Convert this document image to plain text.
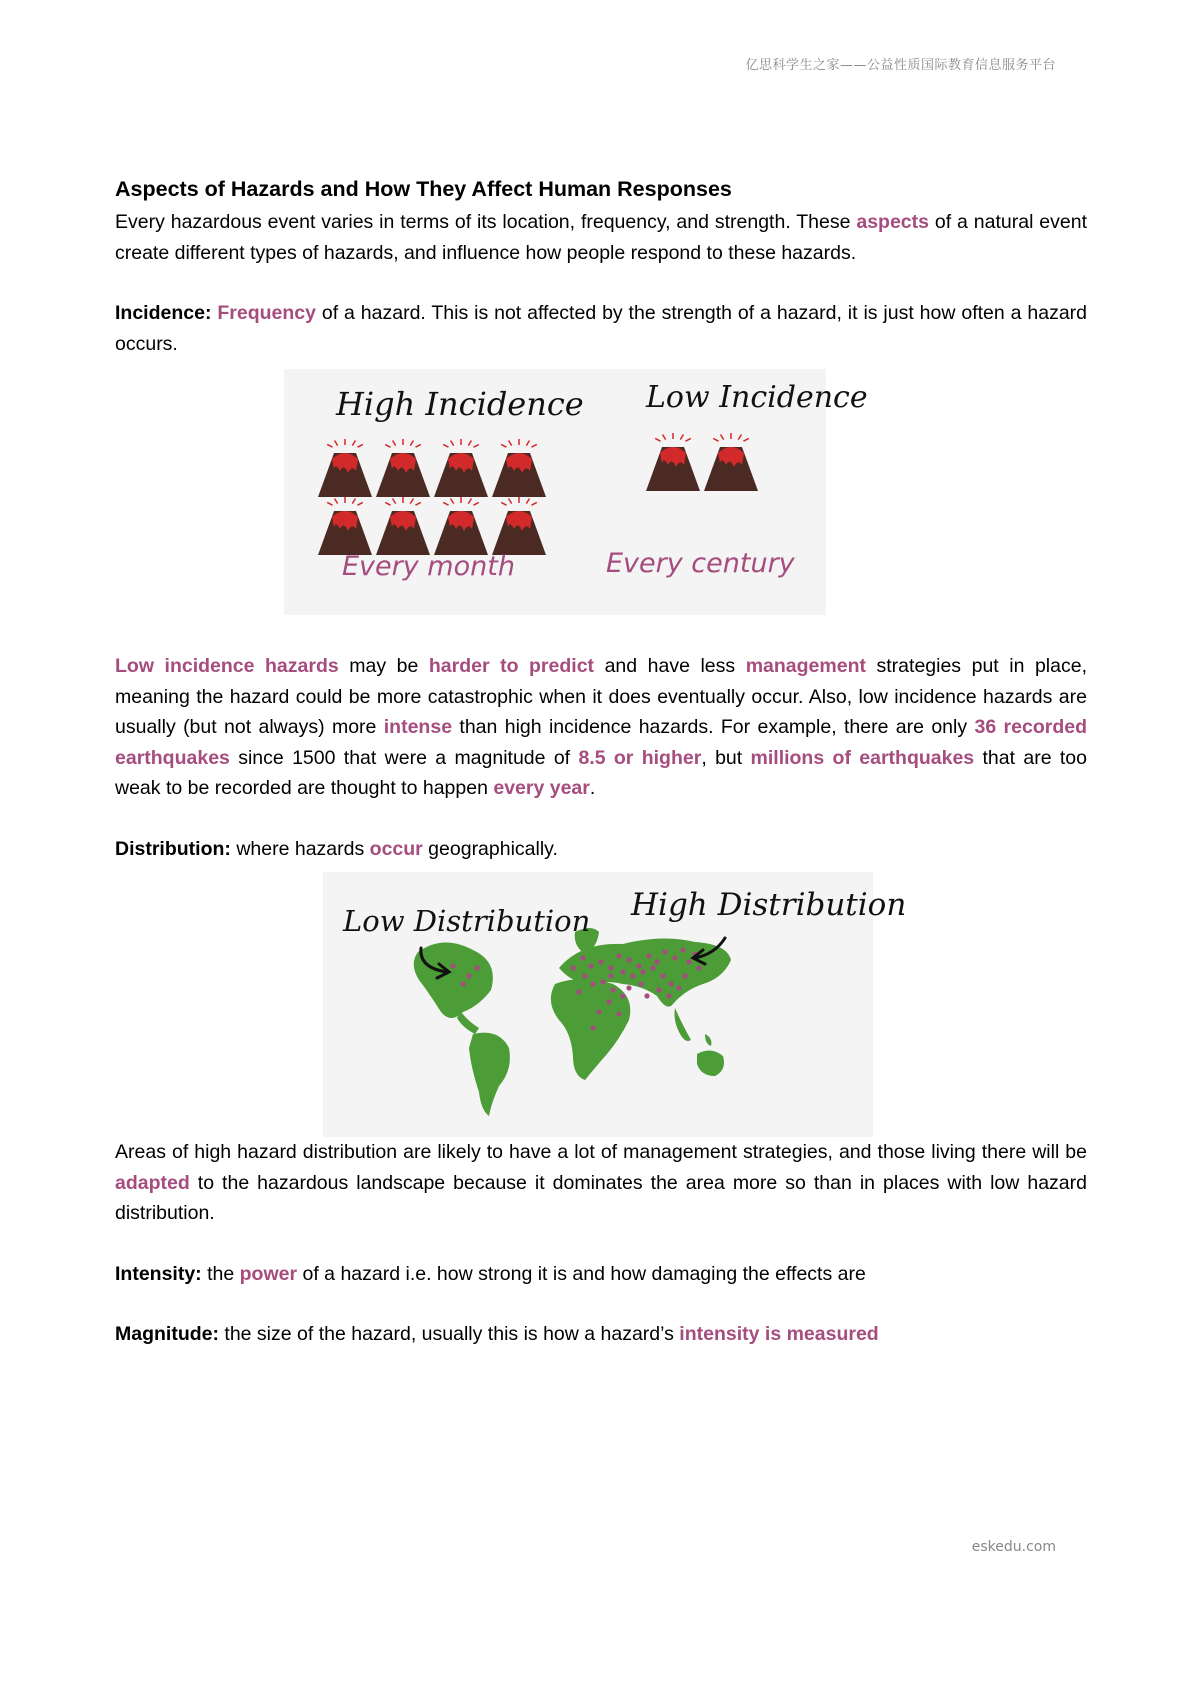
亿思科学生之家——公益性质国际教育信息服务平台
Aspects of Hazards and How They Affect Human Responses

Every hazardous event varies in terms of its location, frequency, and strength. These aspects of a natural event create different types of hazards, and influence how people respond to these hazards.

Incidence: Frequency of a hazard. This is not affected by the strength of a hazard, it is just how often a hazard occurs.

High Incidence Low Incidence
Every month	Every century

Low incidence hazards may be harder to predict and have less management strategies put in place, meaning the hazard could be more catastrophic when it does eventually occur. Also, low incidence hazards are usually (but not always) more intense than high incidence hazards. For example, there are only 36 recorded earthquakes since 1500 that were a magnitude of 8.5 or higher, but millions of earthquakes that are too weak to be recorded are thought to happen every year.

Distribution: where hazards occur geographically.

Low Distribution High Distribution

Areas of high hazard distribution are likely to have a lot of management strategies, and those living there will be adapted to the hazardous landscape because it dominates the area more so than in places with low hazard distribution.

Intensity: the power of a hazard i.e. how strong it is and how damaging the effects are

Magnitude: the size of the hazard, usually this is how a hazard’s intensity is measured

eskedu.com
